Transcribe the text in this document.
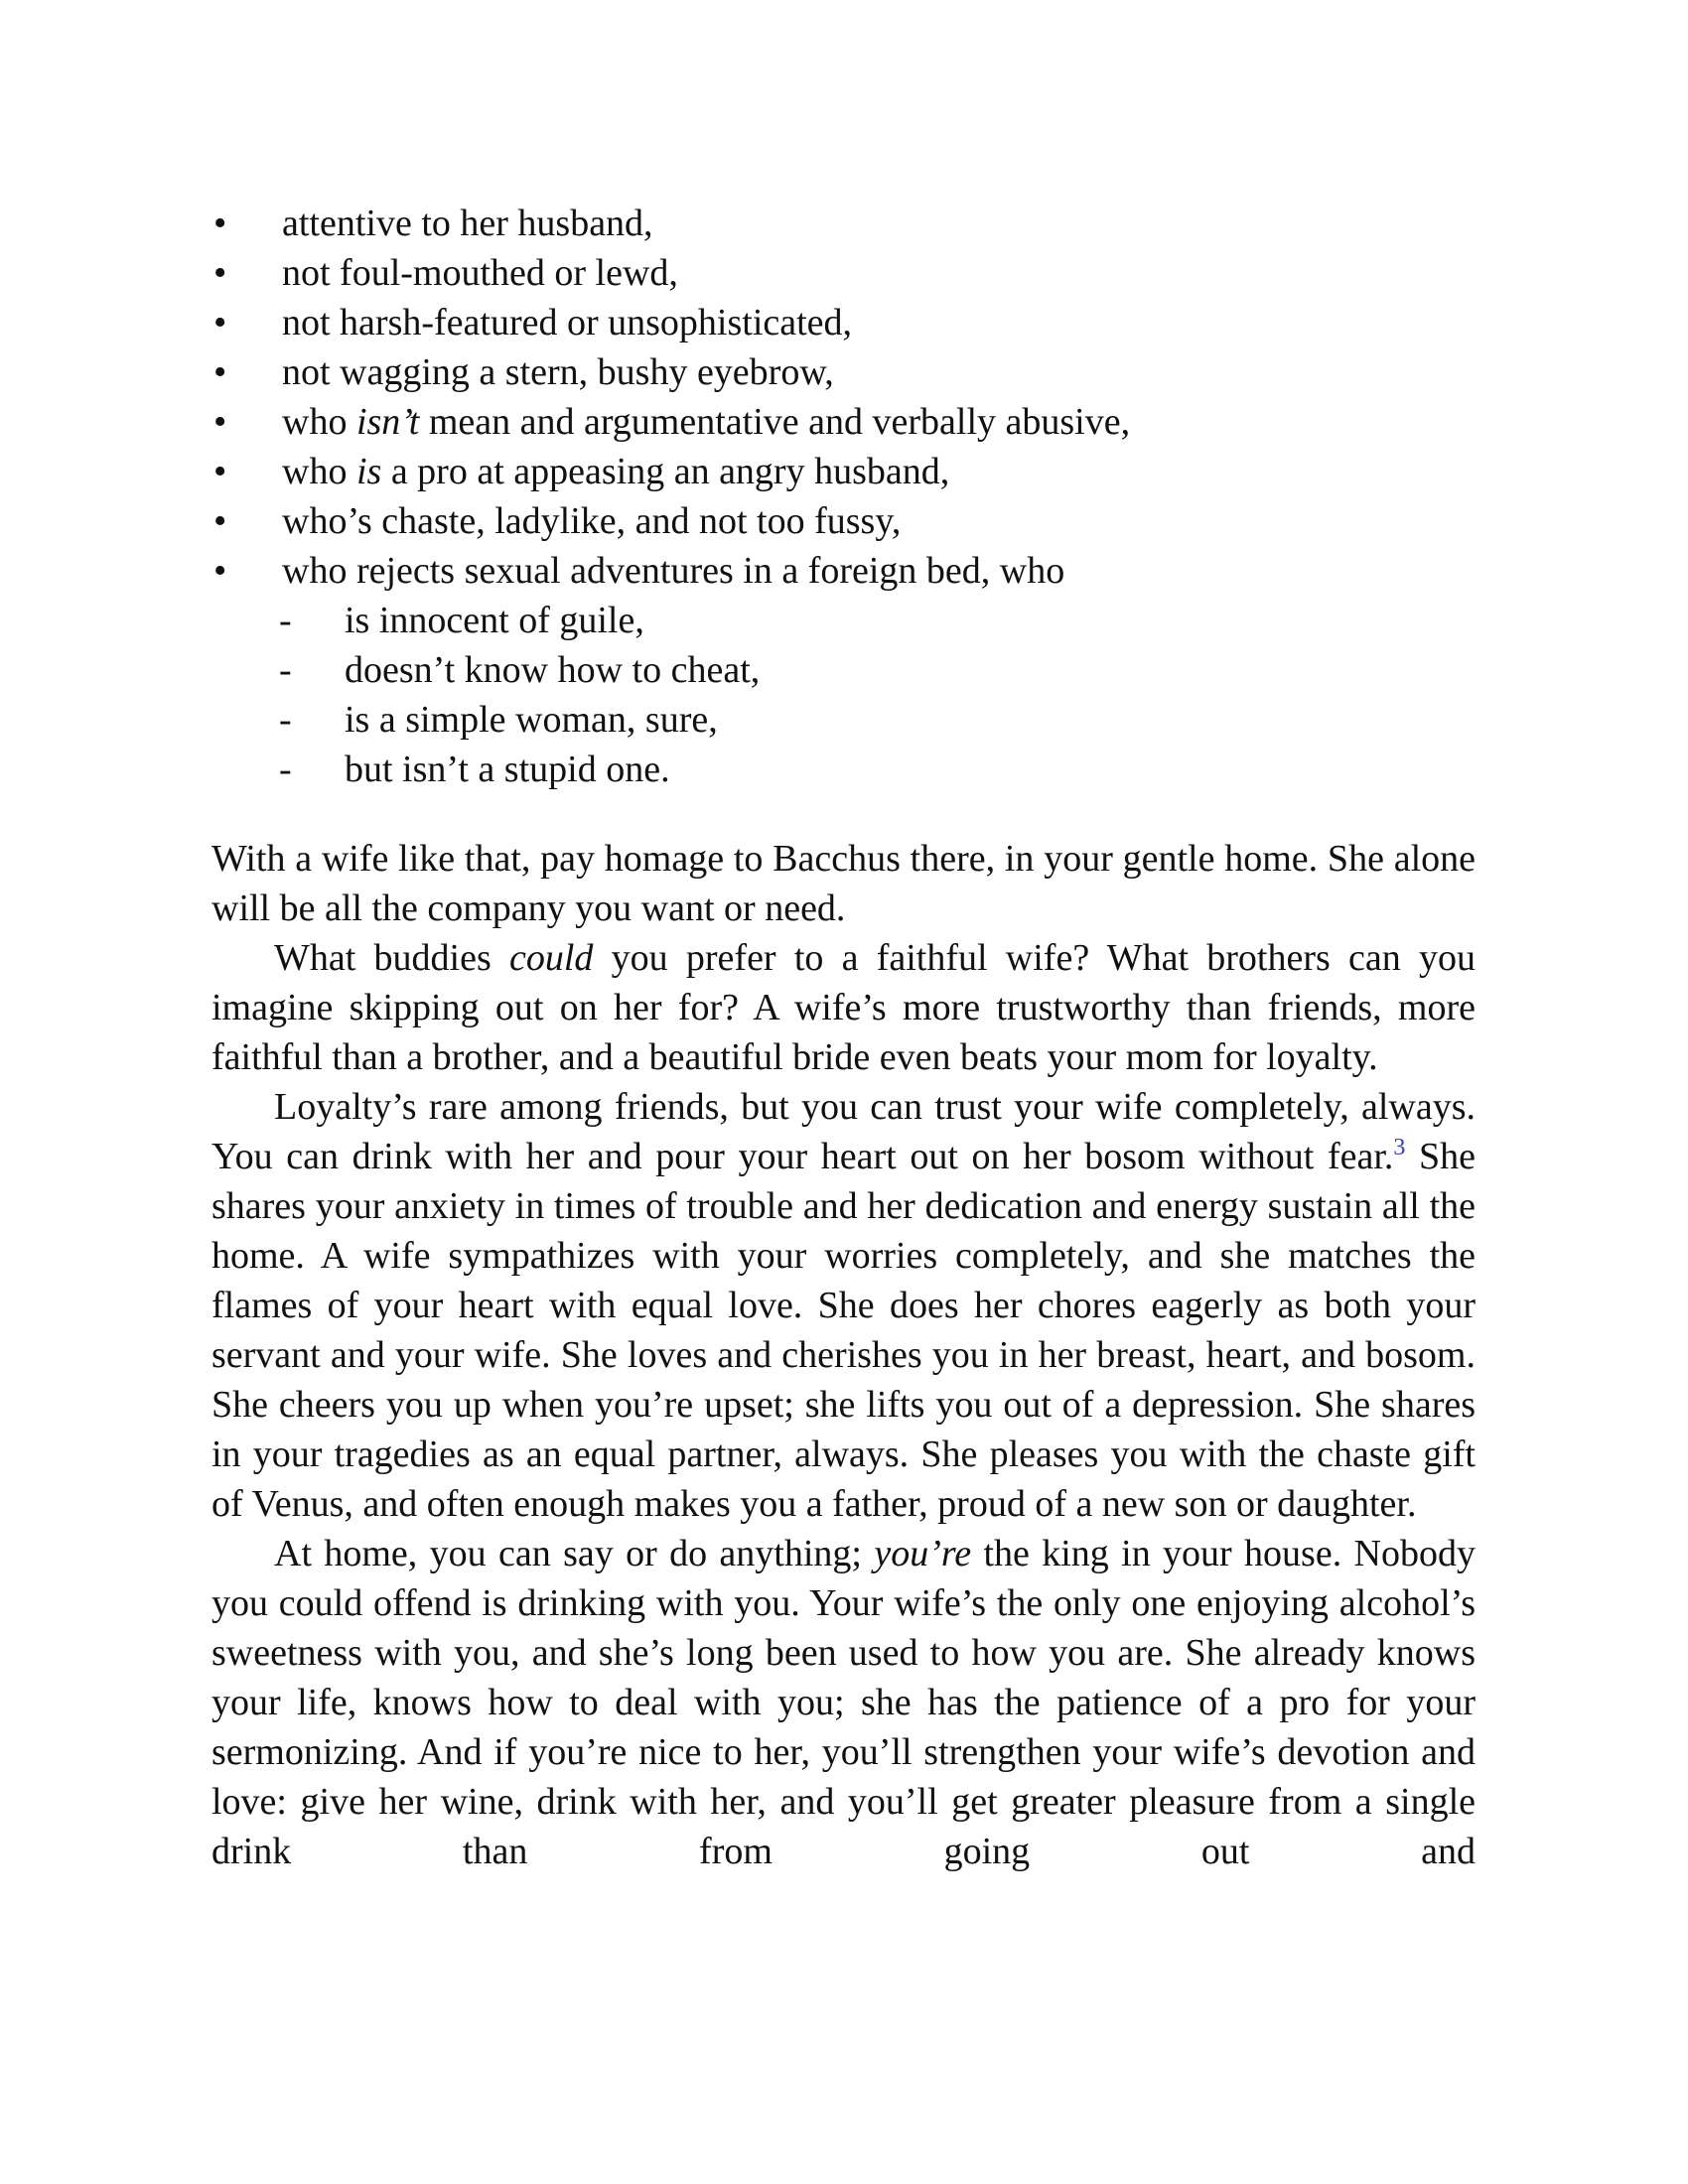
• attentive to her husband,
• not foul-mouthed or lewd,
• not harsh-featured or unsophisticated,
• not wagging a stern, bushy eyebrow,
• who isn’t mean and argumentative and verbally abusive,
• who is a pro at appeasing an angry husband,
• who’s chaste, ladylike, and not too fussy,
• who rejects sexual adventures in a foreign bed, who
- is innocent of guile,
- doesn’t know how to cheat,
- is a simple woman, sure,
- but isn’t a stupid one.

With a wife like that, pay homage to Bacchus there, in your gentle home. She alone will be all the company you want or need.

What buddies could you prefer to a faithful wife? What brothers can you imagine skipping out on her for? A wife’s more trustworthy than friends, more faithful than a brother, and a beautiful bride even beats your mom for loyalty.

Loyalty’s rare among friends, but you can trust your wife completely, always. You can drink with her and pour your heart out on her bosom without fear.$^3$ She shares your anxiety in times of trouble and her dedication and energy sustain all the home. A wife sympathizes with your worries completely, and she matches the flames of your heart with equal love. She does her chores eagerly as both your servant and your wife. She loves and cherishes you in her breast, heart, and bosom. She cheers you up when you’re upset; she lifts you out of a depression. She shares in your tragedies as an equal partner, always. She pleases you with the chaste gift of Venus, and often enough makes you a father, proud of a new son or daughter.

At home, you can say or do anything; you’re the king in your house. Nobody you could offend is drinking with you. Your wife’s the only one enjoying alcohol’s sweetness with you, and she’s long been used to how you are. She already knows your life, knows how to deal with you; she has the patience of a pro for your sermonizing. And if you’re nice to her, you’ll strengthen your wife’s devotion and love: give her wine, drink with her, and you’ll get greater pleasure from a single drink than from going out and
